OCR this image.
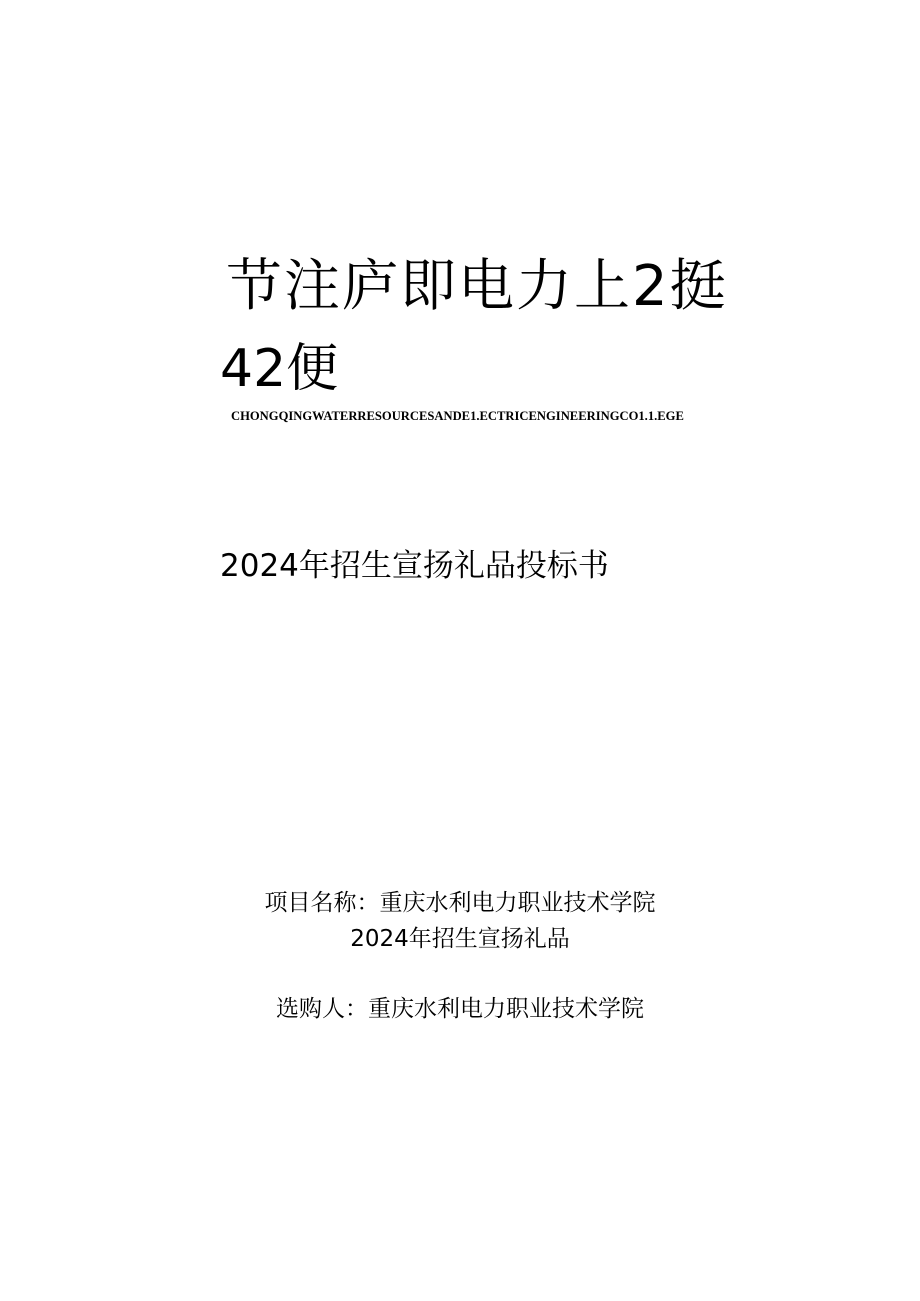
节注庐即电力上2挺
42便
CHONGQINGWATERRESOURCESANDE1.ECTRICENGINEERINGCO1.1.EGE
2024年招生宣扬礼品投标书
项目名称：重庆水利电力职业技术学院
2024年招生宣扬礼品
选购人：重庆水利电力职业技术学院
